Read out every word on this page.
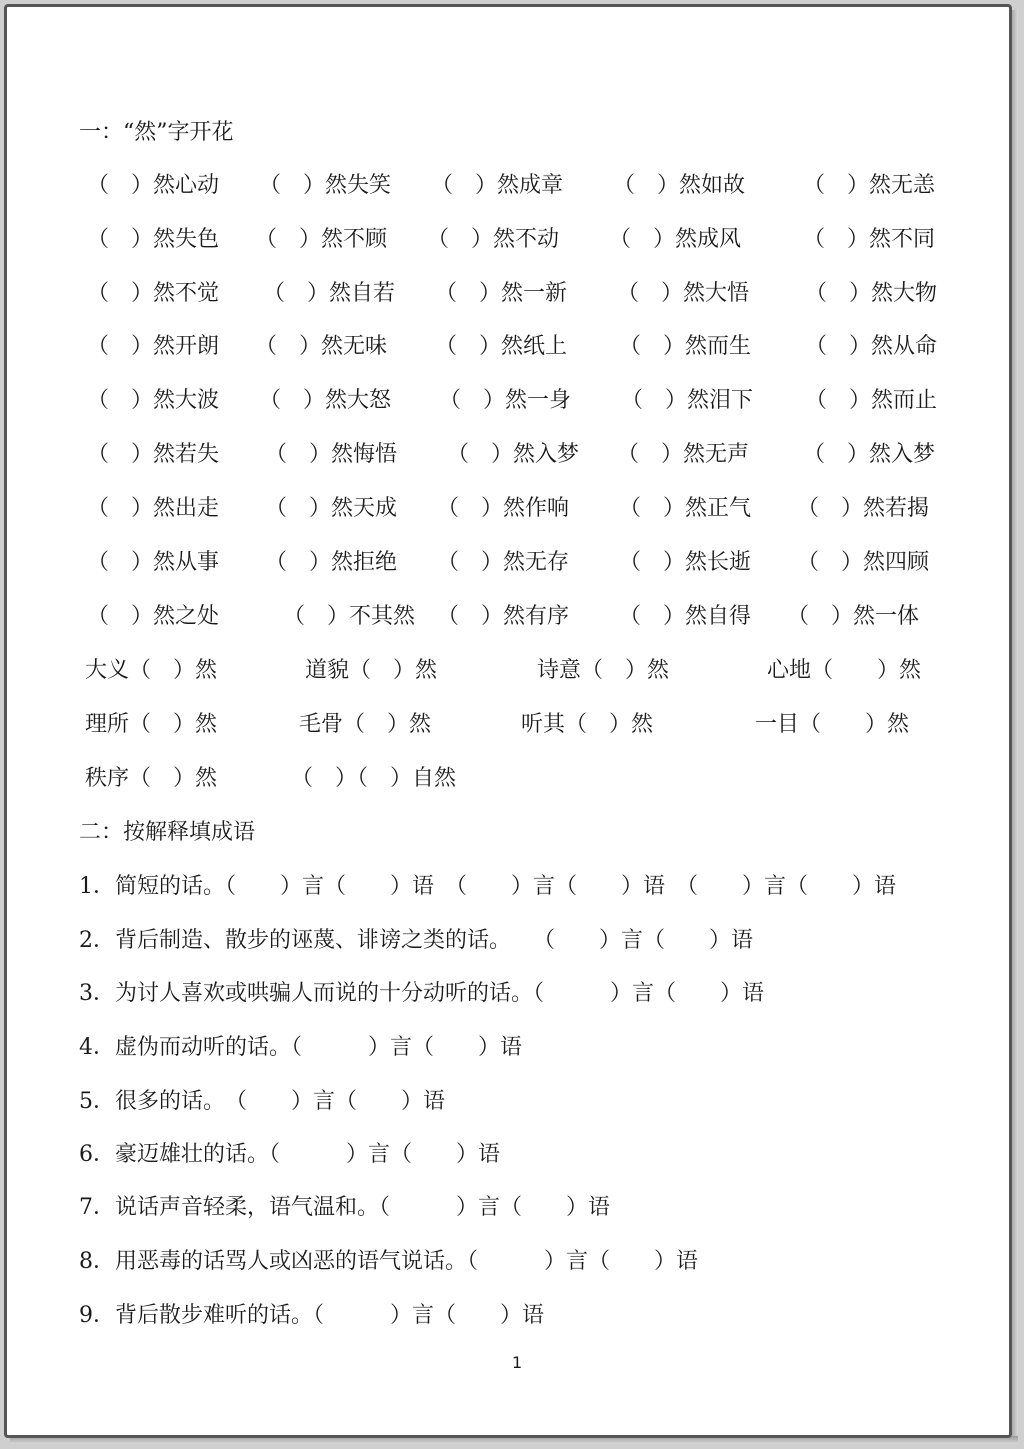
一：“然”字开花
（　）然心动 （　）然失笑 （　）然成章 （　）然如故	（　）然无恙
（　）然失色 （　）然不顾 （　）然不动 （　）然成风	（　）然不同
（　）然不觉 （　）然自若 （　）然一新 （　）然大悟	（　）然大物
（　）然开朗 （　）然无味 （　）然纸上 （　）然而生 （　）然从命
（　）然大波 （　）然大怒 （　）然一身 （　）然泪下 （　）然而止
（　）然若失 （　）然悔悟 （　）然入梦 （　）然无声 （　）然入梦
（　）然出走 （　）然天成 （　）然作响 （　）然正气 （　）然若揭
（　）然从事 （　）然拒绝 （　）然无存 （　）然长逝 （　）然四顾
（　）然之处	（　）不其然 （　）然有序 （　）然自得 （　）然一体
大义（　）然	道貌（　）然	诗意（　）然	心地（　　）然
理所（　）然	毛骨（　）然	听其（　）然	一目（　　）然
秩序（　）然	（　）（　）自然
二：按解释填成语
1．简短的话。（　　）言（　　）语　（　　）言（　　）语　（　　）言（　　）语
2．背后制造、散步的诬蔑、诽谤之类的话。　　（　　）言（　　）语
3．为讨人喜欢或哄骗人而说的十分动听的话。（　　　）言（　　）语
4．虚伪而动听的话。（　　　）言（　　）语
5．很多的话。　（　　）言（　　）语
6．豪迈雄壮的话。（　　　）言（　　）语
7．说话声音轻柔，语气温和。（　　　）言（　　）语
8．用恶毒的话骂人或凶恶的语气说话。（　　　）言（　　）语
9．背后散步难听的话。（　　　）言（　　）语
1
